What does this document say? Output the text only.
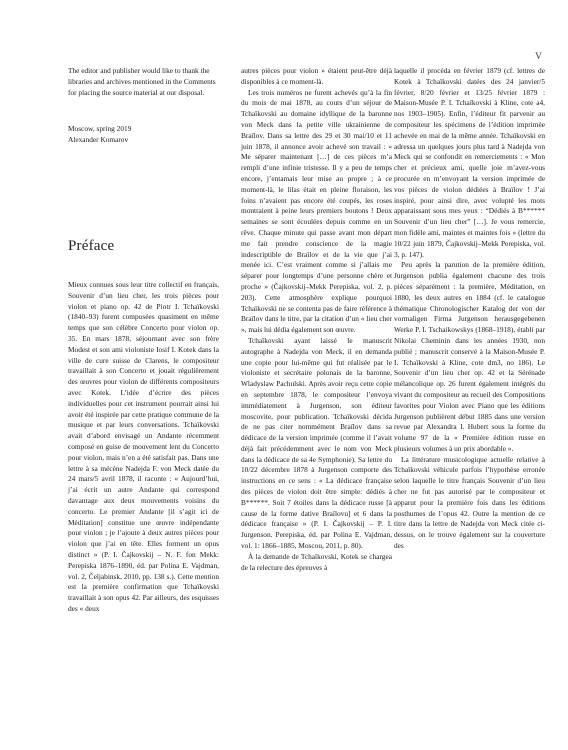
V

The editor and publisher would like to thank the libraries and archives mentioned in the Comments for placing the source material at our disposal.

Moscow, spring 2019
Alexander Komarov
Préface

Mieux connues sous leur titre collectif en français, Souvenir d’un lieu cher, les trois pièces pour violon et piano op. 42 de Piotr I. Tchaïkovski (1840–93) furent composées quasiment en même temps que son célèbre Concerto pour violon op. 35. En mars 1878, séjournant avec son frère Modest et son ami violoniste Iosif I. Kotek dans la ville de cure suisse de Clarens, le compositeur travaillait à son Concerto et jouait régulièrement des œuvres pour violon de différents compositeurs avec Kotek. L’idée d’écrire des pièces individuelles pour cet instrument pourrait ainsi lui avoir été inspirée par cette pratique commune de la musique et par leurs conversations. Tchaïkovski avait d’abord envisagé un Andante récemment composé en guise de mouvement lent du Concerto pour violon, mais n’en a été satisfait pas. Dans une lettre à sa mécène Nadejda F. von Meck datée du 24 mars/5 avril 1878, il raconte : « Aujourd’hui, j’ai écrit un autre Andante qui correspond davantage aux deux mouvements voisins du concerto. Le premier Andante [il s’agit ici de Méditation] constitue une œuvre indépendante pour violon ; je l’ajoute à deux autres pièces pour violon que j’ai en tête. Elles forment un opus distinct » (P. I. Čajkovskij – N. F. fon Mekk: Perepiska 1876–1890, éd. par Polina E. Vajdman, vol. 2, Čeljabinsk, 2010, pp. 138 s.). Cette mention est la première confirmation que Tchaïkovski travaillait à son opus 42. Par ailleurs, des esquisses des « deux

autres pièces pour violon » étaient peut-être déjà disponibles à ce moment-là.

Les trois numéros ne furent achevés qu’à la fin du mois de mai 1878, au cours d’un séjour de Tchaïkovski au domaine idyllique de la baronne von Meck dans la petite ville ukrainienne de Braïlov. Dans sa lettre des 29 et 30 mai/10 et 11 juin 1878, il annonce avoir achevé son travail : « Me séparer maintenant […] de ces pièces m’a rempli d’une infinie tristesse. Il y a peu de temps encore, j’entamais leur mise au propre ; à ce moment-là, le lilas était en pleine floraison, les foins n’avaient pas encore été coupés, les roses montraient à peine leurs premiers boutons ! Deux semaines se sont écoulées depuis comme en un rêve. Chaque minute qui passe avant mon départ me fait prendre conscience de la magie indescriptible de Braïlov et de la vie que j’ai menée ici. C’est vraiment comme si j’allais me séparer pour longtemps d’une personne chère et proche » (Čajkovskij–Mekk Perepiska, vol. 2, p. 203). Cette atmosphère explique pourquoi Tchaïkovski ne se contenta pas de faire référence à Braïlov dans le titre, par la citation d’un « lieu cher », mais lui dédia également son œuvre.

Tchaïkovski ayant laissé le manuscrit autographe à Nadejda von Meck, il en demanda une copie pour lui-même qui fut réalisée par le violoniste et secrétaire polonais de la baronne, Wladyslaw Pachulski. Après avoir reçu cette copie en septembre 1878, le compositeur l’envoya immédiatement à Jurgenson, son éditeur moscovite, pour publication. Tchaïkovski décida de ne pas citer nommément Braïlov dans sa dédicace de la version imprimée (comme il l’avait déjà fait précédemment avec le nom von Meck dans la dédicace de sa 4e Symphonie). Sa lettre du 10/22 décembre 1878 à Jurgenson comporte des instructions en ce sens : « La dédicace française des pièces de violon doit être simple: dédiés à B******. Soit 7 étoiles dans la dédicace russe [à cause de la forme dative Braïlovu] et 6 dans la dédicace française » (P. I. Čajkovskij – P. I. Jurgenson. Perepiska, éd. par Polina E. Vajdman, vol. 1: 1866–1885, Moscou, 2011, p. 80).

À la demande de Tchaïkovski, Kotek se chargea de la relecture des épreuves à

laquelle il procéda en février 1879 (cf. lettres de Kotek à Tchaïkovski datées des 24 janvier/5 février, 8/20 février et 13/25 février 1879 : Maison-Musée P. I. Tchaïkovski à Kline, cote a4, nos 1903–1905). Enfin, l’éditeur fit parvenir au compositeur les spécimens de l’édition imprimée achevée en mai de la même année. Tchaïkovski en adressa un quelques jours plus tard à Nadejda von Meck qui se confondit en remerciements : « Mon cher et précieux ami, quelle joie m’avez-vous procurée en m’envoyant la version imprimée de vos pièces de violon dédiées à Braïlov ! J’ai inspiré, pour ainsi dire, avec volupté les mots apparaissant sous mes yeux : “Dédiés à B****** Souvenir d’un lieu cher” […]. Je vous remercie, mon fidèle ami, maintes et maintes fois » (lettre du 10/22 juin 1879, Čajkovskij–Mekk Perepiska, vol. 3, p. 147).

Peu après la parution de la première édition, Jurgenson publia également chacune des trois pièces séparément : la première, Méditation, en 1880, les deux autres en 1884 (cf. le catalogue thématique Chronologischer Katalog der von der vormaligen Firma Jurgenson herausgegebenen Werke P. I. Tschaikowskys (1868–1918), établi par Nikolai Cheminin dans les années 1930, non publié ; manuscrit conservé à la Maison-Musée P. I. Tchaïkovski à Kline, cote dm3, no 186). Le Souvenir d’un lieu cher op. 42 et la Sérénade mélancolique op. 26 furent également intégrés du vivant du compositeur au recueil des Compositions favorites pour Violon avec Piano que les éditions Jurgenson publièrent début 1885 dans une version revue par Alexandra I. Hubert sous la forme du volume 97 de la « Première édition russe en plusieurs volumes à un prix abordable ».

La littérature musicologique actuelle relative à Tchaïkovski véhicule parfois l’hypothèse erronée selon laquelle le titre français Souvenir d’un lieu cher ne fut pas autorisé par le compositeur et apparut pour la première fois dans les éditions posthumes de l’opus 42. Outre la mention de ce titre dans la lettre de Nadejda von Meck citée ci-dessus, on le trouve également sur la couverture des
